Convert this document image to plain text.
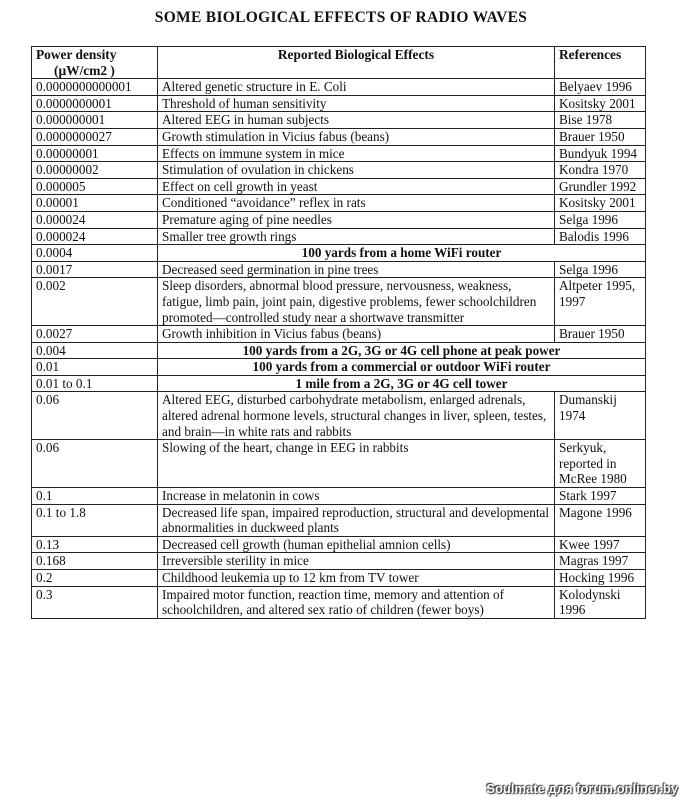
SOME BIOLOGICAL EFFECTS OF RADIO WAVES
Power density
(µW/cm2 )	Reported Biological Effects	References
0.0000000000001	Altered genetic structure in E. Coli	Belyaev 1996
0.0000000001	Threshold of human sensitivity	Kositsky 2001
0.000000001	Altered EEG in human subjects	Bise 1978
0.0000000027	Growth stimulation in Vicius fabus (beans)	Brauer 1950
0.00000001	Effects on immune system in mice	Bundyuk 1994
0.00000002	Stimulation of ovulation in chickens	Kondra 1970
0.000005	Effect on cell growth in yeast	Grundler 1992
0.00001	Conditioned “avoidance” reflex in rats	Kositsky 2001
0.000024	Premature aging of pine needles	Selga 1996
0.000024	Smaller tree growth rings	Balodis 1996
0.0004	100 yards from a home WiFi router	
0.0017	Decreased seed germination in pine trees	Selga 1996
0.002	Sleep disorders, abnormal blood pressure, nervousness, weakness, fatigue, limb pain, joint pain, digestive problems, fewer schoolchildren promoted—controlled study near a shortwave transmitter	Altpeter 1995, 1997
0.0027	Growth inhibition in Vicius fabus (beans)	Brauer 1950
0.004	100 yards from a 2G, 3G or 4G cell phone at peak power	
0.01	100 yards from a commercial or outdoor WiFi router	
0.01 to 0.1	1 mile from a 2G, 3G or 4G cell tower	
0.06	Altered EEG, disturbed carbohydrate metabolism, enlarged adrenals, altered adrenal hormone levels, structural changes in liver, spleen, testes, and brain—in white rats and rabbits	Dumanskij 1974
0.06	Slowing of the heart, change in EEG in rabbits	Serkyuk, reported in McRee 1980
0.1	Increase in melatonin in cows	Stark 1997
0.1 to 1.8	Decreased life span, impaired reproduction, structural and developmental abnormalities in duckweed plants	Magone 1996
0.13	Decreased cell growth (human epithelial amnion cells)	Kwee 1997
0.168	Irreversible sterility in mice	Magras 1997
0.2	Childhood leukemia up to 12 km from TV tower	Hocking 1996
0.3	Impaired motor function, reaction time, memory and attention of schoolchildren, and altered sex ratio of children (fewer boys)	Kolodynski 1996
Soulmate для forum.onliner.by
